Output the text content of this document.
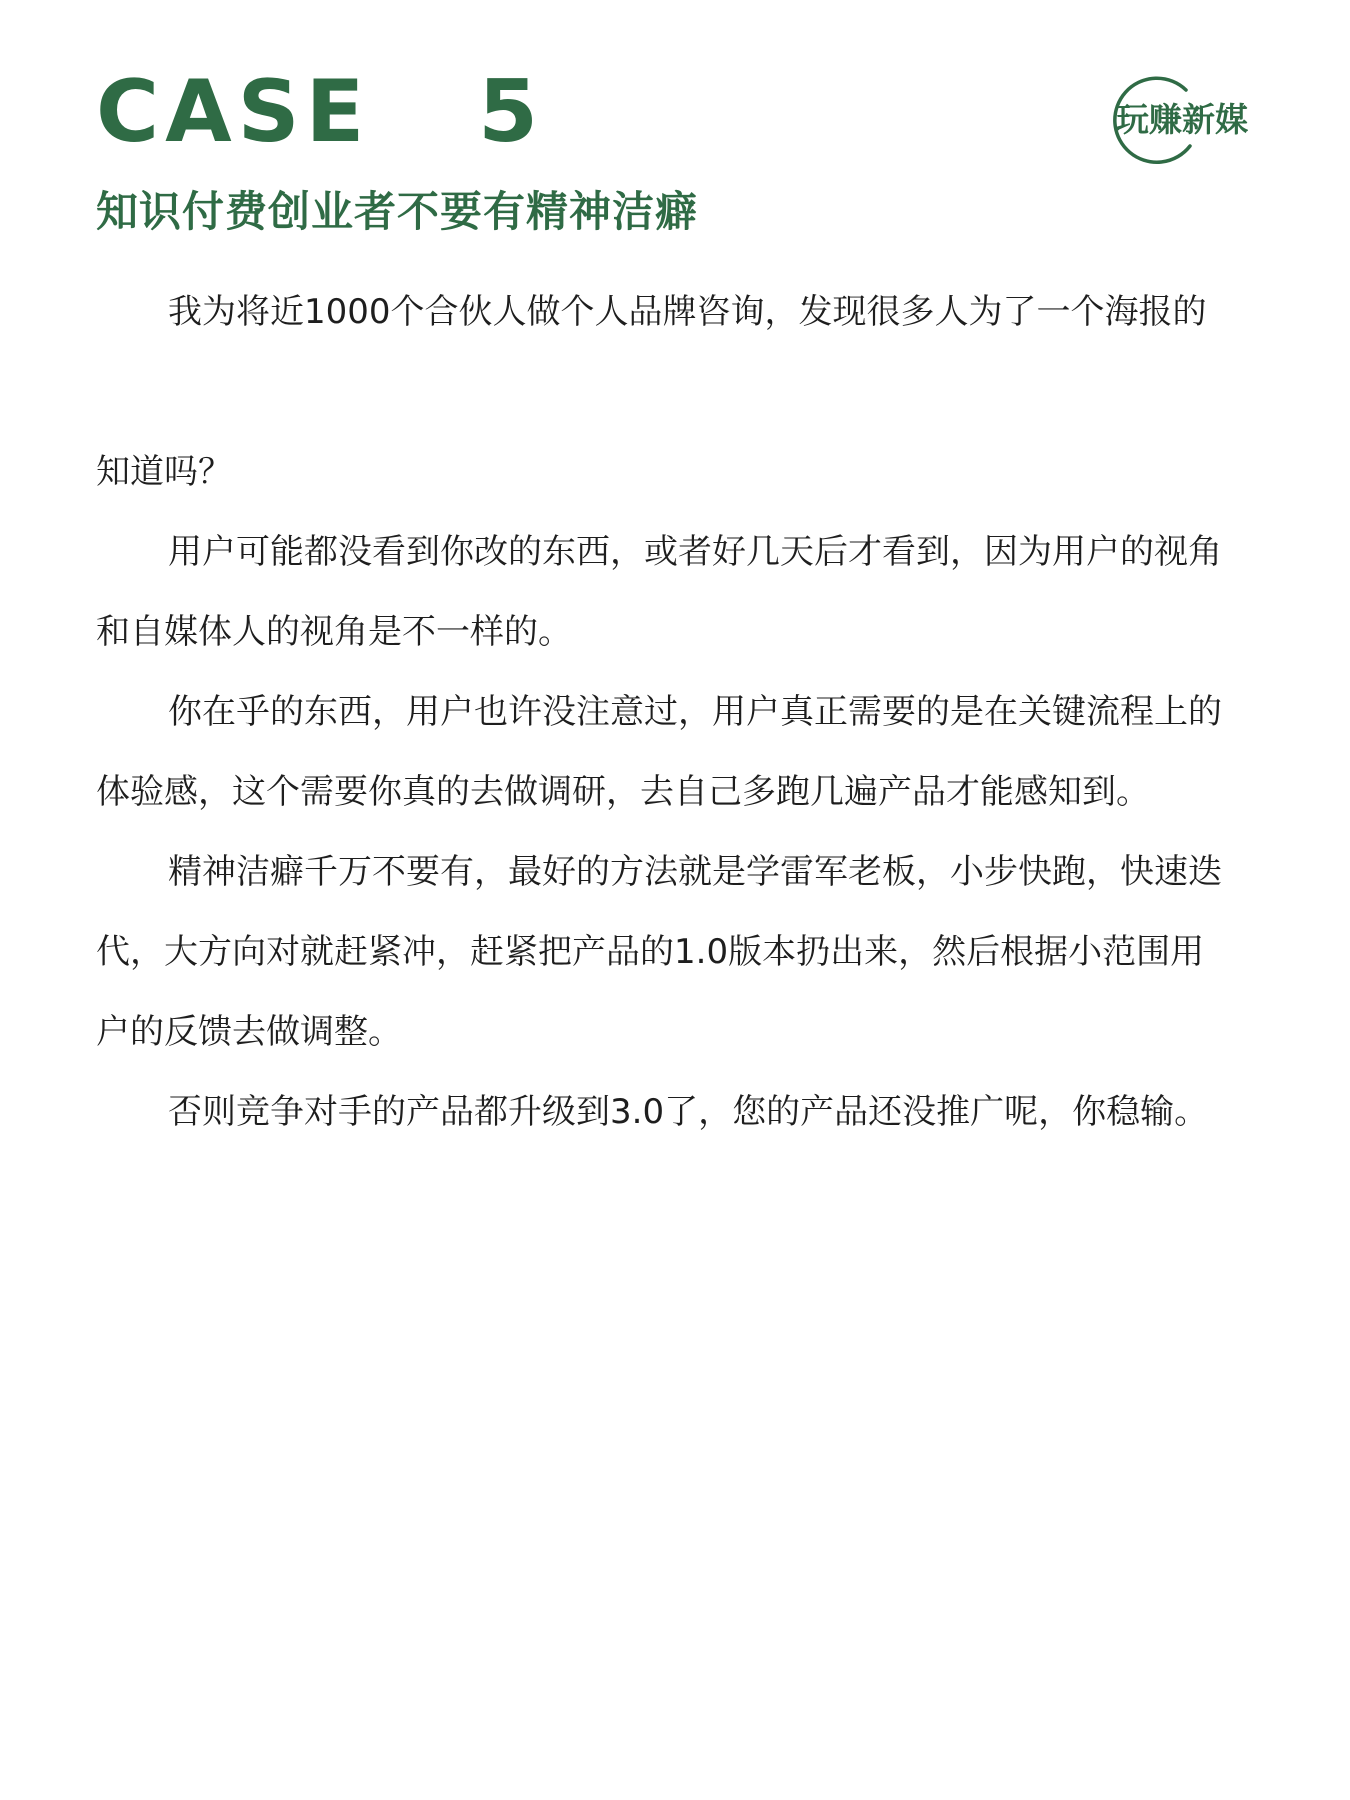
CASE   5	玩赚新媒
知识付费创业者不要有精神洁癖
我为将近1000个合伙人做个人品牌咨询，发现很多人为了一个海报的
知道吗？
用户可能都没看到你改的东西，或者好几天后才看到，因为用户的视角
和自媒体人的视角是不一样的。
你在乎的东西，用户也许没注意过，用户真正需要的是在关键流程上的
体验感，这个需要你真的去做调研，去自己多跑几遍产品才能感知到。
精神洁癖千万不要有，最好的方法就是学雷军老板，小步快跑，快速迭
代，大方向对就赶紧冲，赶紧把产品的1.0版本扔出来，然后根据小范围用
户的反馈去做调整。
否则竞争对手的产品都升级到3.0了，您的产品还没推广呢，你稳输。
